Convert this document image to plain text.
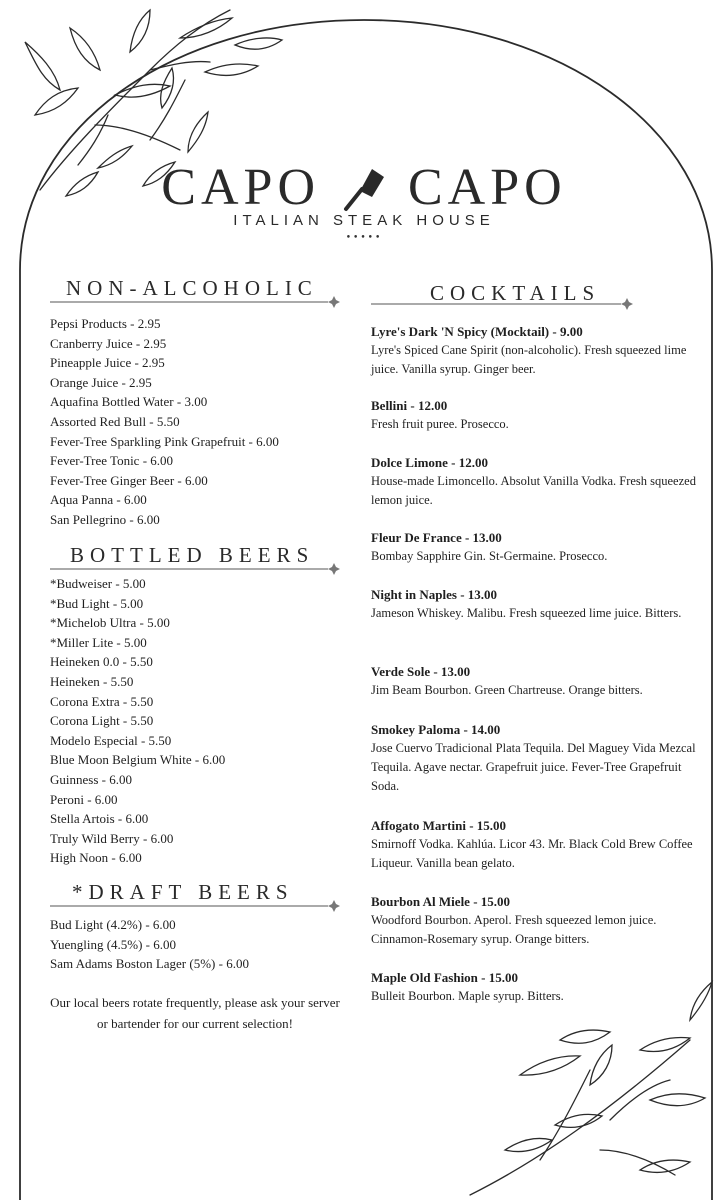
CAPO CAPO
ITALIAN STEAK HOUSE
•••••
NON-ALCOHOLIC
Pepsi Products - 2.95
Cranberry Juice - 2.95
Pineapple Juice - 2.95
Orange Juice - 2.95
Aquafina Bottled Water - 3.00
Assorted Red Bull - 5.50
Fever-Tree Sparkling Pink Grapefruit - 6.00
Fever-Tree Tonic - 6.00
Fever-Tree Ginger Beer - 6.00
Aqua Panna - 6.00
San Pellegrino - 6.00
BOTTLED BEERS
*Budweiser - 5.00
*Bud Light - 5.00
*Michelob Ultra - 5.00
*Miller Lite - 5.00
Heineken 0.0 - 5.50
Heineken - 5.50
Corona Extra - 5.50
Corona Light - 5.50
Modelo Especial - 5.50
Blue Moon Belgium White - 6.00
Guinness - 6.00
Peroni - 6.00
Stella Artois - 6.00
Truly Wild Berry - 6.00
High Noon - 6.00
*DRAFT BEERS
Bud Light (4.2%) - 6.00
Yuengling (4.5%) - 6.00
Sam Adams Boston Lager (5%) - 6.00
Our local beers rotate frequently, please ask your server or bartender for our current selection!
COCKTAILS
Lyre's Dark 'N Spicy (Mocktail) - 9.00
Lyre's Spiced Cane Spirit (non-alcoholic). Fresh squeezed lime juice. Vanilla syrup. Ginger beer.
Bellini - 12.00
Fresh fruit puree. Prosecco.
Dolce Limone - 12.00
House-made Limoncello. Absolut Vanilla Vodka. Fresh squeezed lemon juice.
Fleur De France - 13.00
Bombay Sapphire Gin. St-Germaine. Prosecco.
Night in Naples - 13.00
Jameson Whiskey. Malibu. Fresh squeezed lime juice. Bitters.
Verde Sole - 13.00
Jim Beam Bourbon. Green Chartreuse. Orange bitters.
Smokey Paloma - 14.00
Jose Cuervo Tradicional Plata Tequila. Del Maguey Vida Mezcal Tequila. Agave nectar. Grapefruit juice. Fever-Tree Grapefruit Soda.
Affogato Martini - 15.00
Smirnoff Vodka. Kahlúa. Licor 43. Mr. Black Cold Brew Coffee Liqueur. Vanilla bean gelato.
Bourbon Al Miele - 15.00
Woodford Bourbon. Aperol. Fresh squeezed lemon juice. Cinnamon-Rosemary syrup. Orange bitters.
Maple Old Fashion - 15.00
Bulleit Bourbon. Maple syrup. Bitters.
